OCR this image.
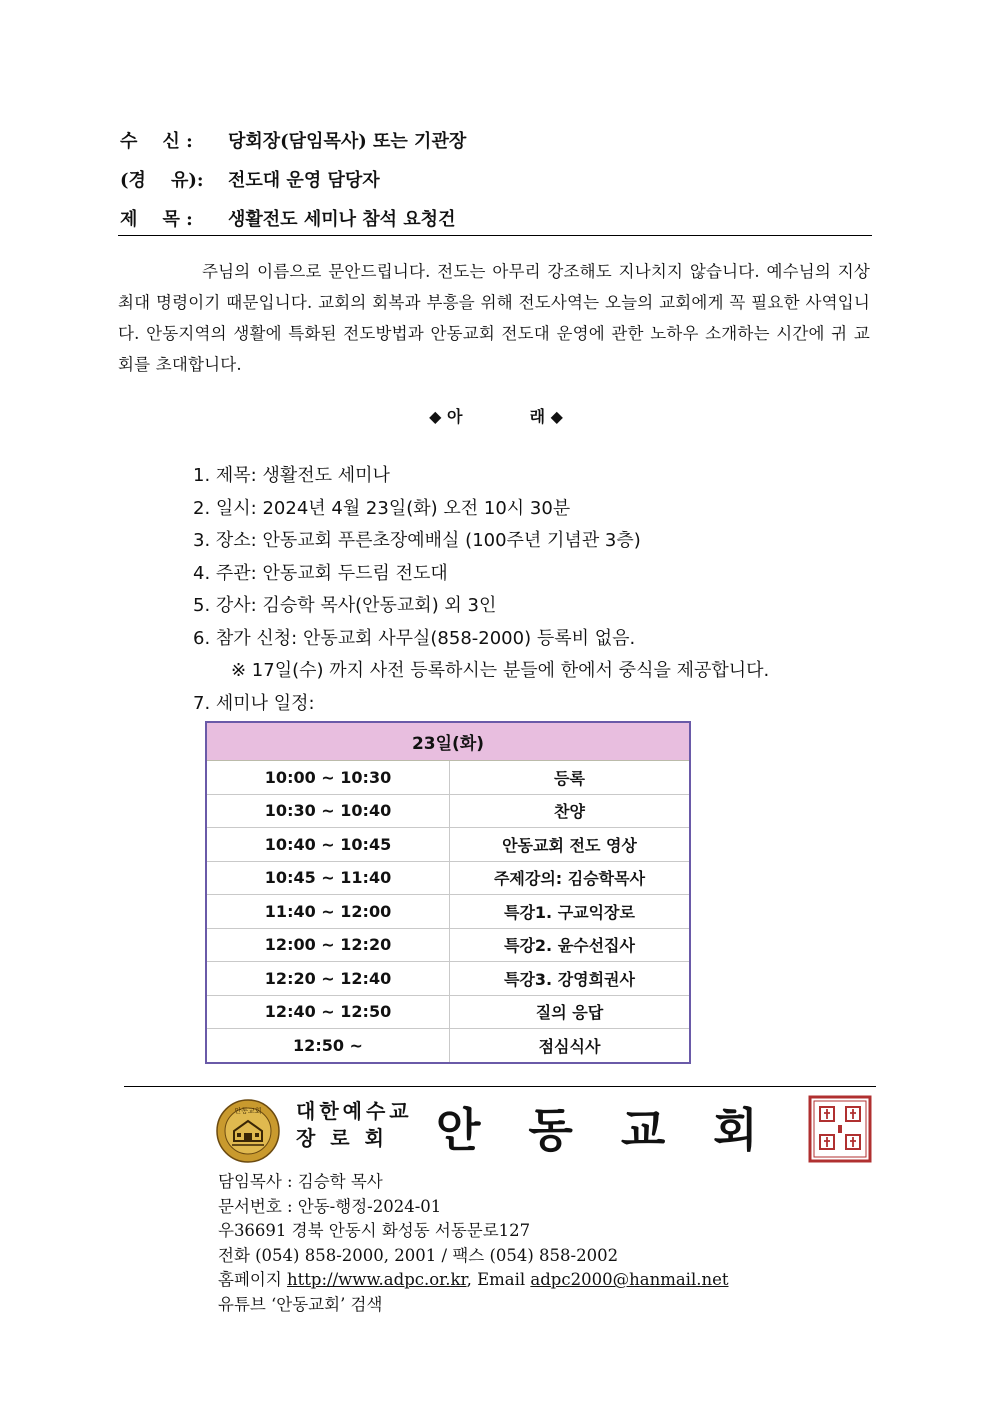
수    신 :	당회장(담임목사) 또는 기관장
(경    유):	전도대 운영 담당자
제    목 :	생활전도 세미나 참석 요청건
주님의 이름으로 문안드립니다. 전도는 아무리 강조해도 지나치지 않습니다. 예수님의 지상최대 명령이기 때문입니다. 교회의 회복과 부흥을 위해 전도사역는 오늘의 교회에게 꼭 필요한 사역입니다. 안동지역의 생활에 특화된 전도방법과 안동교회 전도대 운영에 관한 노하우 소개하는 시간에 귀 교회를 초대합니다.
◆ 아	래 ◆
1. 제목: 생활전도 세미나
2. 일시: 2024년 4월 23일(화) 오전 10시 30분
3. 장소: 안동교회 푸른초장예배실 (100주년 기념관 3층)
4. 주관: 안동교회 두드림 전도대
5. 강사: 김승학 목사(안동교회) 외 3인
6. 참가 신청: 안동교회 사무실(858-2000) 등록비 없음.
※ 17일(수) 까지 사전 등록하시는 분들에 한에서 중식을 제공합니다.
7. 세미나 일정:
23일(화)	
10:00 ~ 10:30	등록
10:30 ~ 10:40	찬양
10:40 ~ 10:45	안동교회 전도 영상
10:45 ~ 11:40	주제강의: 김승학목사
11:40 ~ 12:00	특강1. 구교익장로
12:00 ~ 12:20	특강2. 윤수선집사
12:20 ~ 12:40	특강3. 강영희권사
12:40 ~ 12:50	질의 응답
12:50 ~	점심식사
안동교회 대한예수교
장 로 회	안동교회
담임목사 : 김승학 목사
문서번호 : 안동-행정-2024-01
우36691 경북 안동시 화성동 서동문로127
전화 (054) 858-2000, 2001 / 팩스 (054) 858-2002
홈페이지 http://www.adpc.or.kr, Email adpc2000@hanmail.net
유튜브 ‘안동교회’ 검색
